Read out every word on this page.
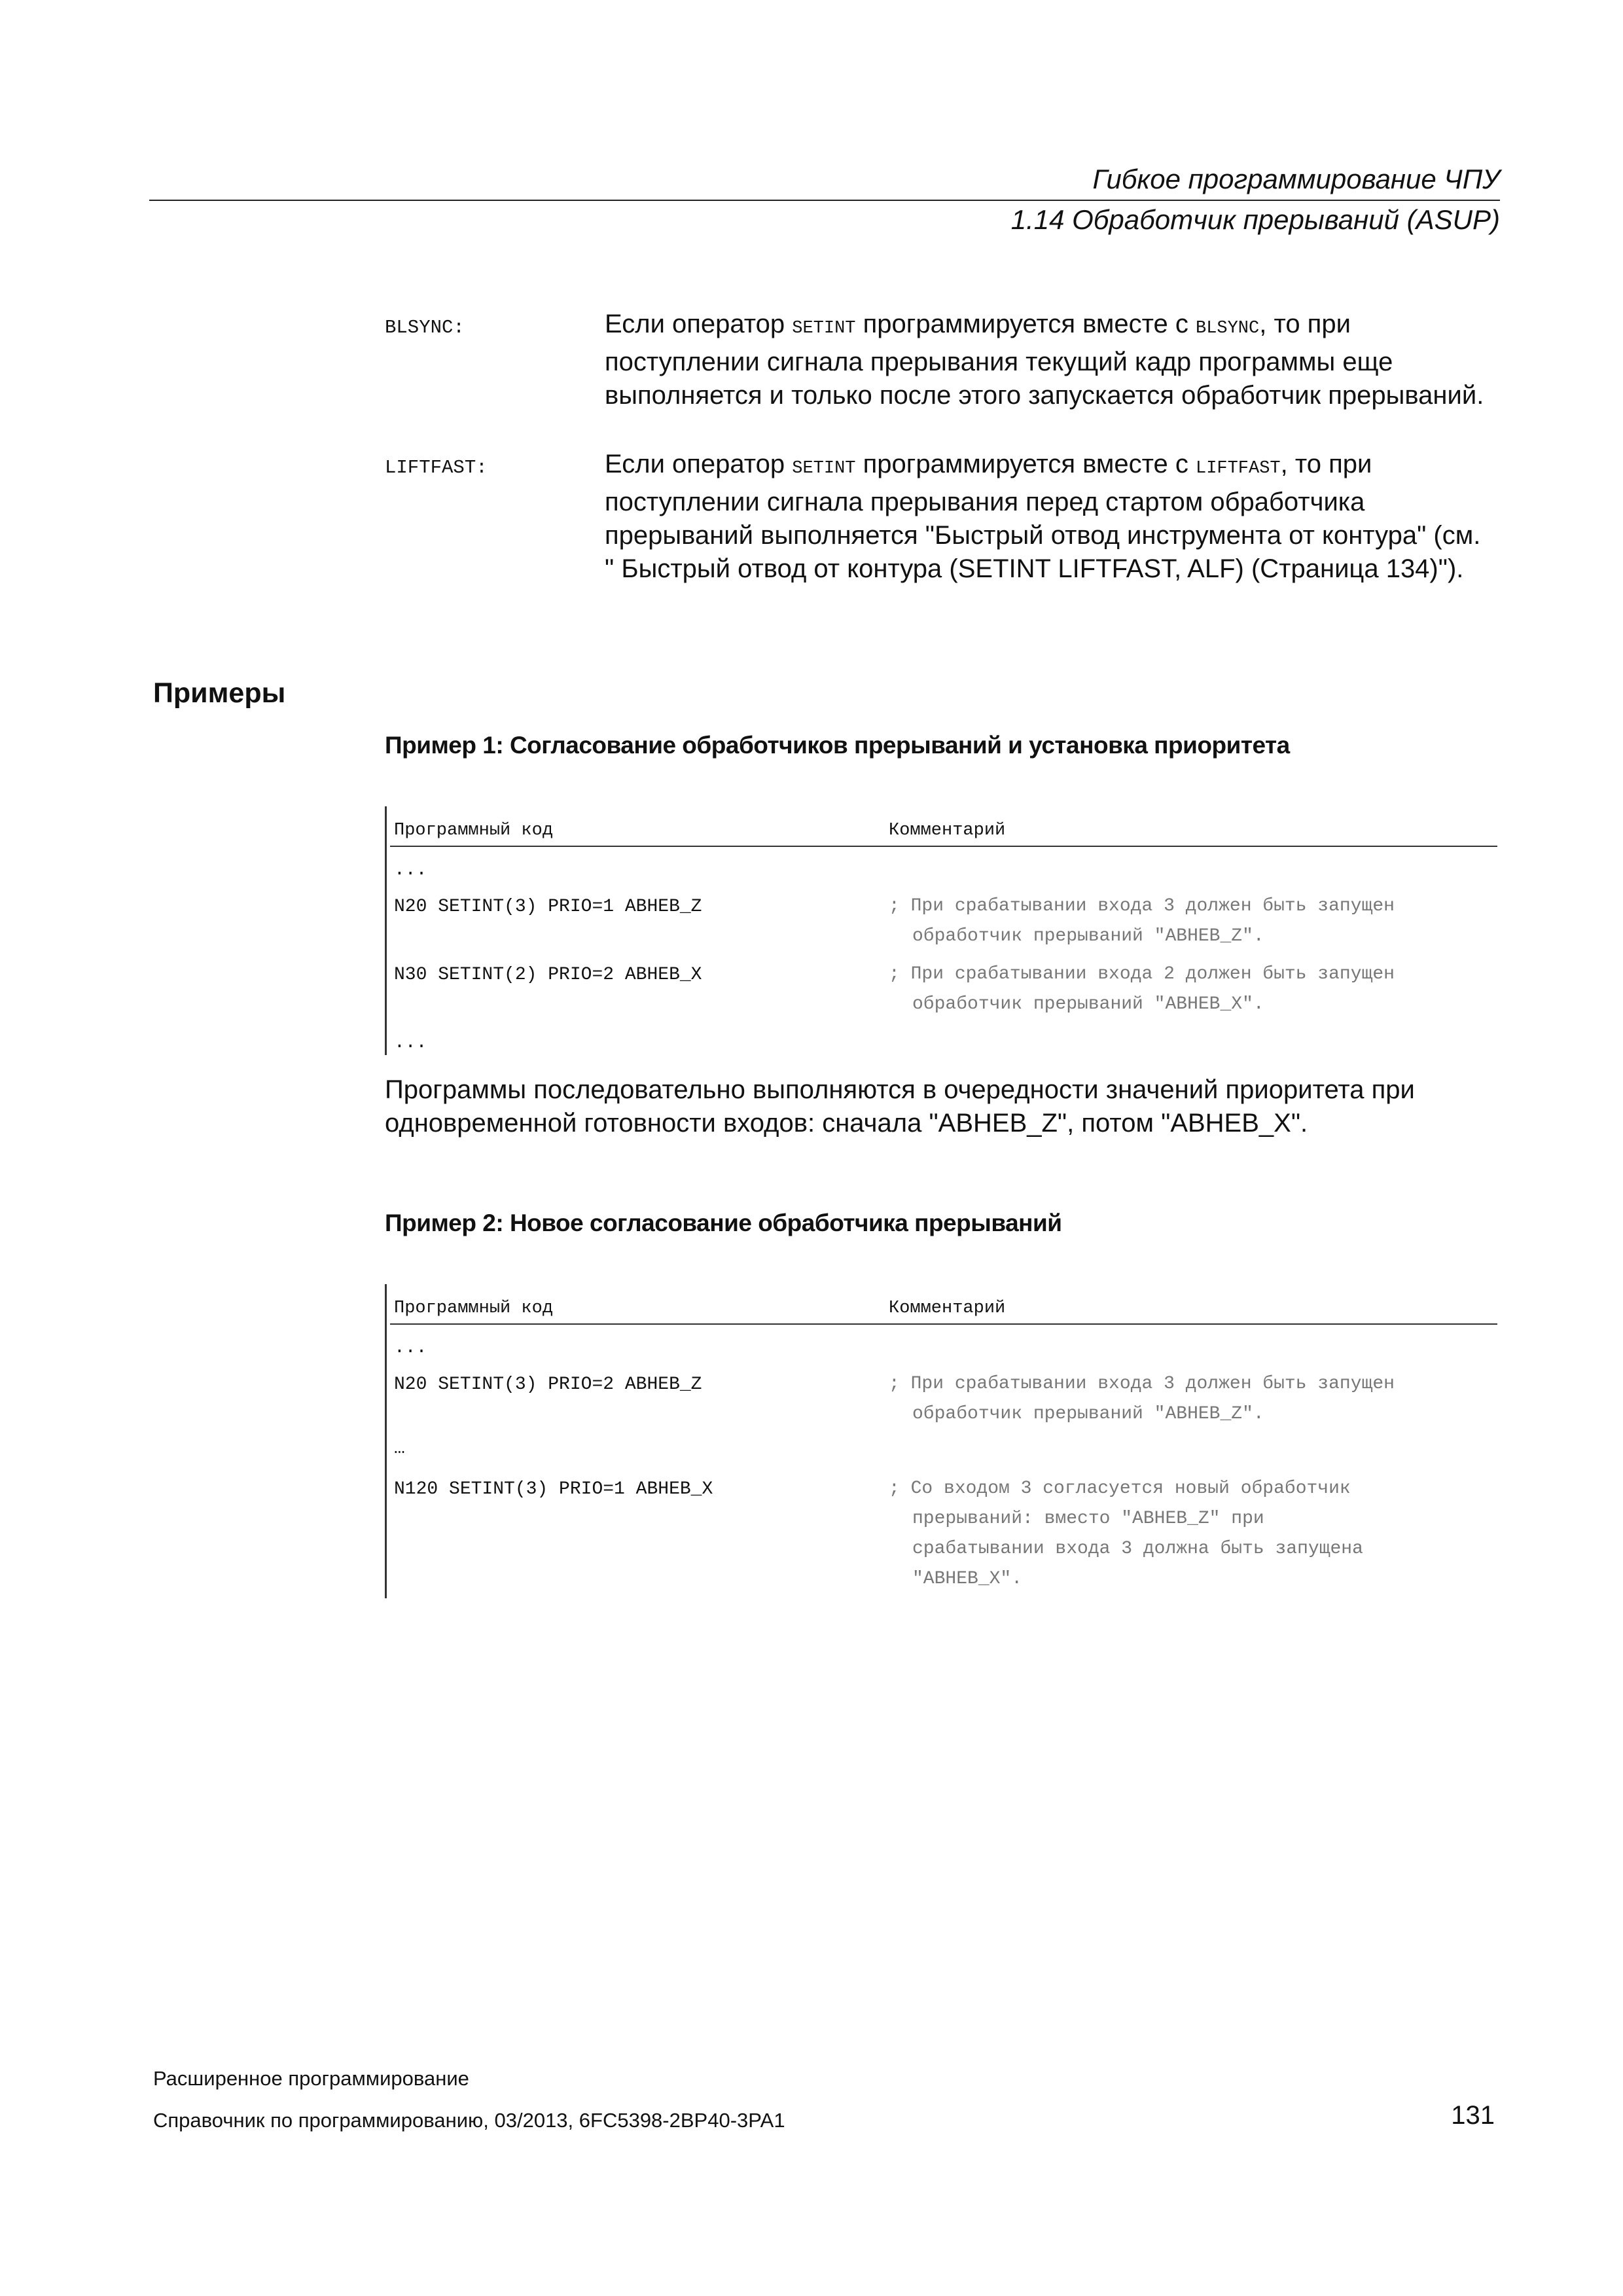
Гибкое программирование ЧПУ
1.14 Обработчик прерываний (ASUP)
BLSYNC:	Если оператор SETINT программируется вместе с BLSYNC, то при поступлении сигнала прерывания текущий кадр программы еще выполняется и только после этого запускается обработчик прерываний.
LIFTFAST:	Если оператор SETINT программируется вместе с LIFTFAST, то при поступлении сигнала прерывания перед стартом обработчика прерываний выполняется "Быстрый отвод инструмента от контура" (см. " Быстрый отвод от контура (SETINT LIFTFAST, ALF) (Страница 134)").
Примеры
Пример 1: Согласование обработчиков прерываний и установка приоритета
Программный код	Комментарий
...
N20 SETINT(3) PRIO=1 ABHEB_Z	; При срабатывании входа 3 должен быть запущен
обработчик прерываний "ABHEB_Z".
N30 SETINT(2) PRIO=2 ABHEB_X	; При срабатывании входа 2 должен быть запущен
обработчик прерываний "ABHEB_X".
...
Программы последовательно выполняются в очередности значений приоритета при одновременной готовности входов: сначала "ABHEB_Z", потом "ABHEB_X".
Пример 2: Новое согласование обработчика прерываний
Программный код	Комментарий
...
N20 SETINT(3) PRIO=2 ABHEB_Z	; При срабатывании входа 3 должен быть запущен
обработчик прерываний "ABHEB_Z".
…
N120 SETINT(3) PRIO=1 ABHEB_X	; Со входом 3 согласуется новый обработчик
прерываний: вместо "ABHEB_Z" при
срабатывании входа 3 должна быть запущена
"ABHEB_X".
Расширенное программирование
Справочник по программированию, 03/2013, 6FC5398-2BP40-3PA1	131
